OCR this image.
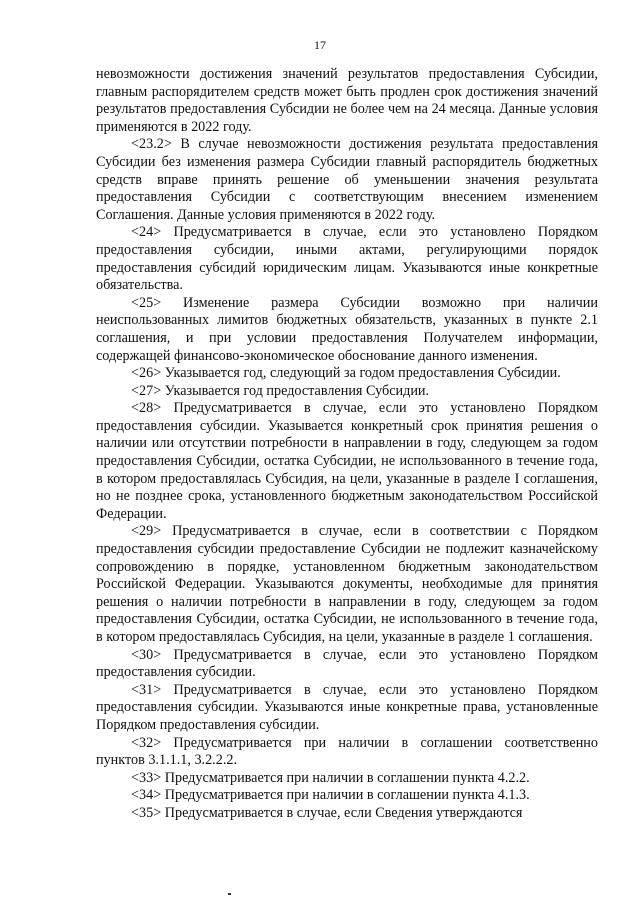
17

невозможности достижения значений результатов предоставления Субсидии, главным распорядителем средств может быть продлен срок достижения значений результатов предоставления Субсидии не более чем на 24 месяца. Данные условия применяются в 2022 году.

<23.2> В случае невозможности достижения результата предоставления Субсидии без изменения размера Субсидии главный распорядитель бюджетных средств вправе принять решение об уменьшении значения результата предоставления Субсидии с соответствующим внесением изменением Соглашения. Данные условия применяются в 2022 году.

<24> Предусматривается в случае, если это установлено Порядком предоставления субсидии, иными актами, регулирующими порядок предоставления субсидий юридическим лицам. Указываются иные конкретные обязательства.

<25> Изменение размера Субсидии возможно при наличии неиспользованных лимитов бюджетных обязательств, указанных в пункте 2.1 соглашения, и при условии предоставления Получателем информации, содержащей финансово-экономическое обоснование данного изменения.

<26> Указывается год, следующий за годом предоставления Субсидии.

<27> Указывается год предоставления Субсидии.

<28> Предусматривается в случае, если это установлено Порядком предоставления субсидии. Указывается конкретный срок принятия решения о наличии или отсутствии потребности в направлении в году, следующем за годом предоставления Субсидии, остатка Субсидии, не использованного в течение года, в котором предоставлялась Субсидия, на цели, указанные в разделе I соглашения, но не позднее срока, установленного бюджетным законодательством Российской Федерации.

<29> Предусматривается в случае, если в соответствии с Порядком предоставления субсидии предоставление Субсидии не подлежит казначейскому сопровождению в порядке, установленном бюджетным законодательством Российской Федерации. Указываются документы, необходимые для принятия решения о наличии потребности в направлении в году, следующем за годом предоставления Субсидии, остатка Субсидии, не использованного в течение года, в котором предоставлялась Субсидия, на цели, указанные в разделе 1 соглашения.

<30> Предусматривается в случае, если это установлено Порядком предоставления субсидии.

<31> Предусматривается в случае, если это установлено Порядком предоставления субсидии. Указываются иные конкретные права, установленные Порядком предоставления субсидии.

<32> Предусматривается при наличии в соглашении соответственно пунктов 3.1.1.1, 3.2.2.2.

<33> Предусматривается при наличии в соглашении пункта 4.2.2.

<34> Предусматривается при наличии в соглашении пункта 4.1.3.

<35> Предусматривается в случае, если Сведения утверждаются
